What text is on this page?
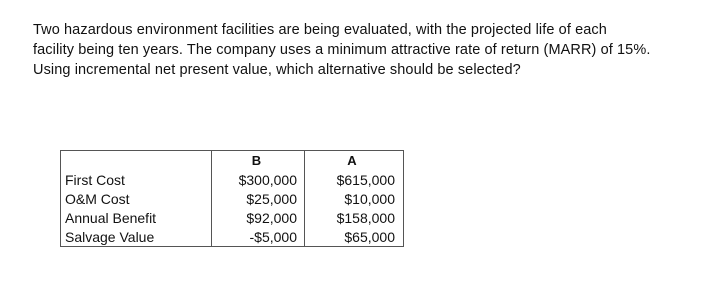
Two hazardous environment facilities are being evaluated, with the projected life of each
facility being ten years. The company uses a minimum attractive rate of return (MARR) of 15%.
Using incremental net present value, which alternative should be selected?
	B	A
First Cost	$300,000	$615,000
O&M Cost	$25,000	$10,000
Annual Benefit	$92,000	$158,000
Salvage Value	-$5,000	$65,000
